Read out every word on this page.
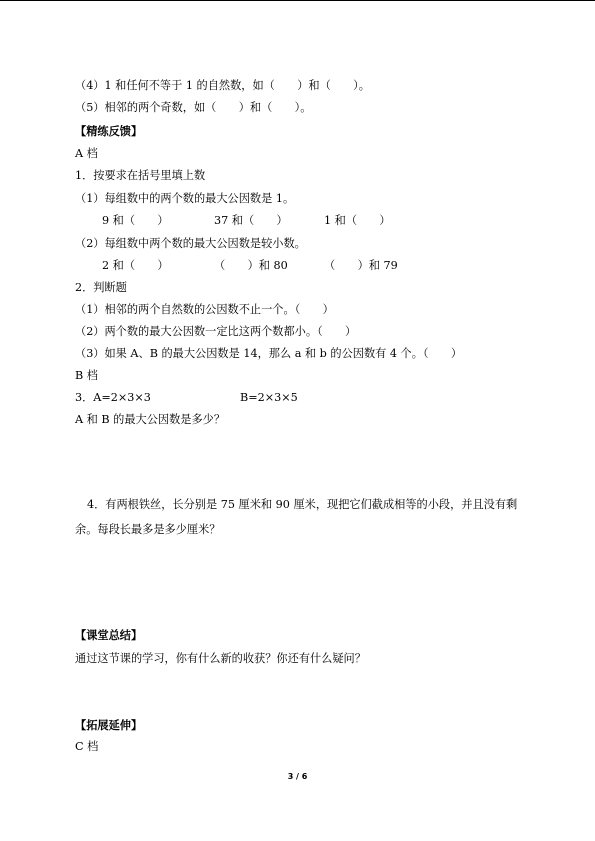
（4）1 和任何不等于 1 的自然数，如（　　）和（　　）。
（5）相邻的两个奇数，如（　　）和（　　）。
【精练反馈】
A 档
1．按要求在括号里填上数
（1）每组数中的两个数的最大公因数是 1。
9 和（　　）	37 和（　　）	1 和（　　）
（2）每组数中两个数的最大公因数是较小数。
2 和（　　）	（　　）和 80	（　　）和 79
2．判断题
（1）相邻的两个自然数的公因数不止一个。（　　）
（2）两个数的最大公因数一定比这两个数都小。（　　）
（3）如果 A、B 的最大公因数是 14，那么 a 和 b 的公因数有 4 个。（　　）
B 档
3．A=2×3×3	B=2×3×5
A 和 B 的最大公因数是多少？
4．有两根铁丝，长分别是 75 厘米和 90 厘米，现把它们截成相等的小段，并且没有剩
余。每段长最多是多少厘米？
【课堂总结】
通过这节课的学习，你有什么新的收获？你还有什么疑问？
【拓展延伸】
C 档
3 / 6
